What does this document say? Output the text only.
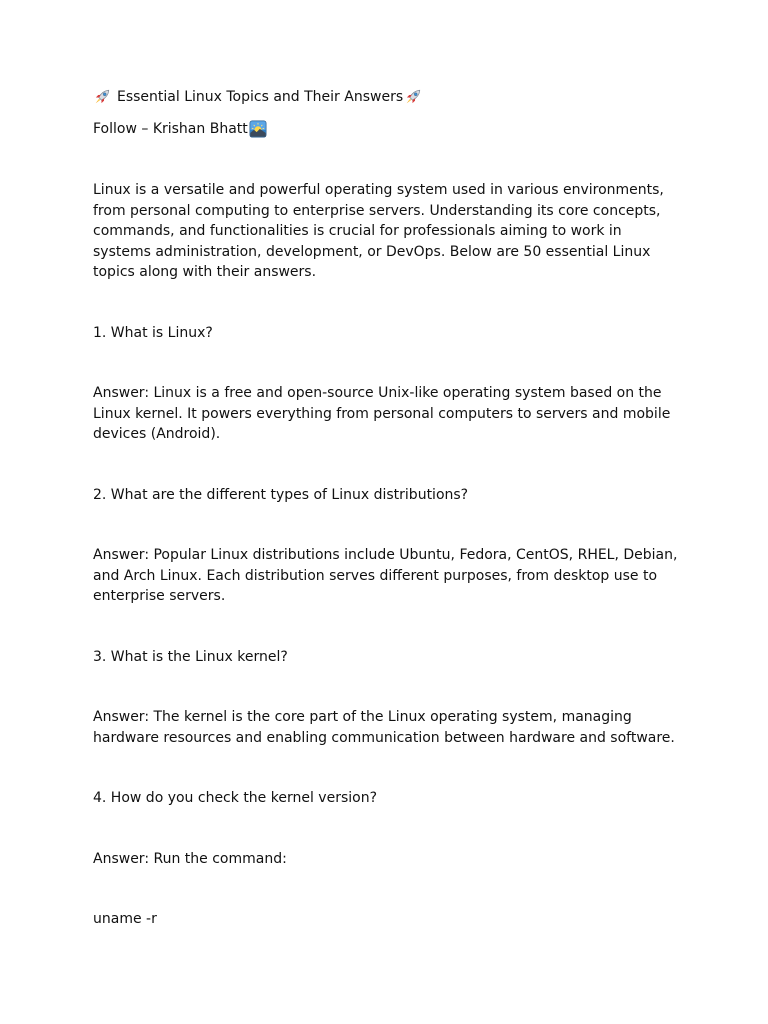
Essential Linux Topics and Their Answers
Follow – Krishan Bhatt

Linux is a versatile and powerful operating system used in various environments, from personal computing to enterprise servers. Understanding its core concepts, commands, and functionalities is crucial for professionals aiming to work in systems administration, development, or DevOps. Below are 50 essential Linux topics along with their answers.

1. What is Linux?

Answer: Linux is a free and open-source Unix-like operating system based on the Linux kernel. It powers everything from personal computers to servers and mobile devices (Android).

2. What are the different types of Linux distributions?

Answer: Popular Linux distributions include Ubuntu, Fedora, CentOS, RHEL, Debian, and Arch Linux. Each distribution serves different purposes, from desktop use to enterprise servers.

3. What is the Linux kernel?

Answer: The kernel is the core part of the Linux operating system, managing hardware resources and enabling communication between hardware and software.

4. How do you check the kernel version?

Answer: Run the command:

uname -r
